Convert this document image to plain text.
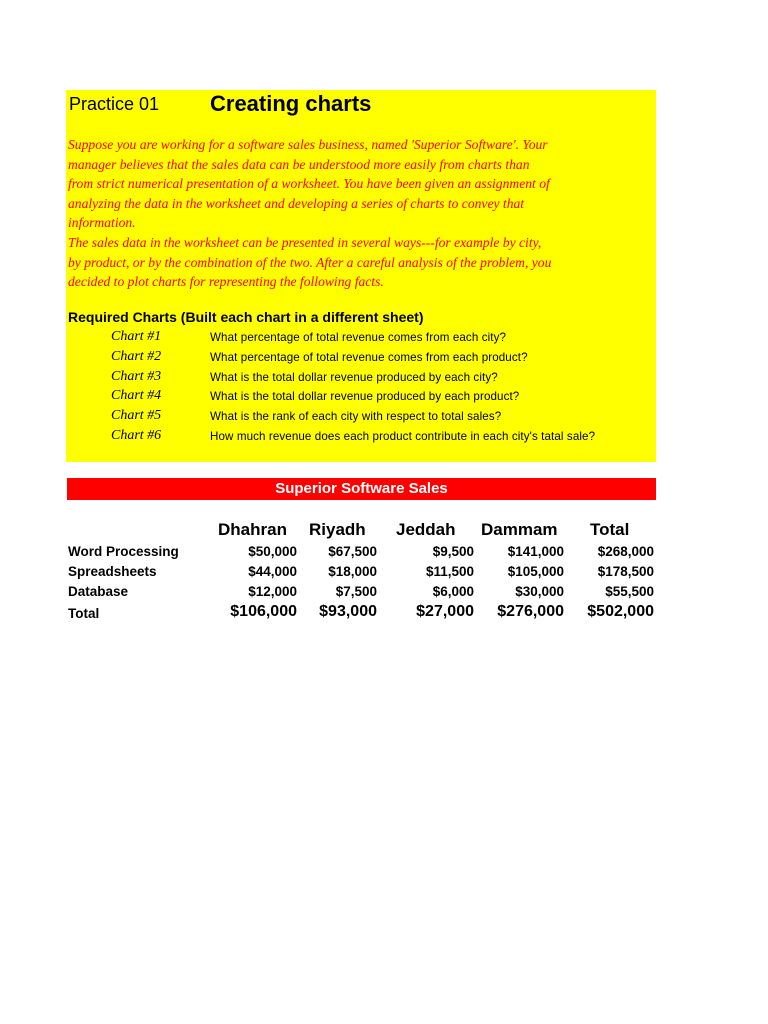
Practice 01 Creating charts

Suppose you are working for a software sales business, named 'Superior Software'. Your

manager believes that the sales data can be understood more easily from charts than

from strict numerical presentation of a worksheet. You have been given an assignment of

analyzing the data in the worksheet and developing a series of charts to convey that

information.

The sales data in the worksheet can be presented in several ways---for example by city,

by product, or by the combination of the two. After a careful analysis of the problem, you

decided to plot charts for representing the following facts.

Required Charts (Built each chart in a different sheet)
Chart #1	What percentage of total revenue comes from each city?
Chart #2	What percentage of total revenue comes from each product?
Chart #3	What is the total dollar revenue produced by each city?
Chart #4	What is the total dollar revenue produced by each product?
Chart #5	What is the rank of each city with respect to total sales?
Chart #6	How much revenue does each product contribute in each city's tatal sale?
Superior Software Sales
Dhahran Riyadh Jeddah Dammam Total
Word Processing	$50,000	$67,500	$9,500	$141,000	$268,000
Spreadsheets	$44,000	$18,000	$11,500	$105,000	$178,500
Database	$12,000	$7,500	$6,000	$30,000	$55,500
Total	$106,000	$93,000	$27,000	$276,000	$502,000
